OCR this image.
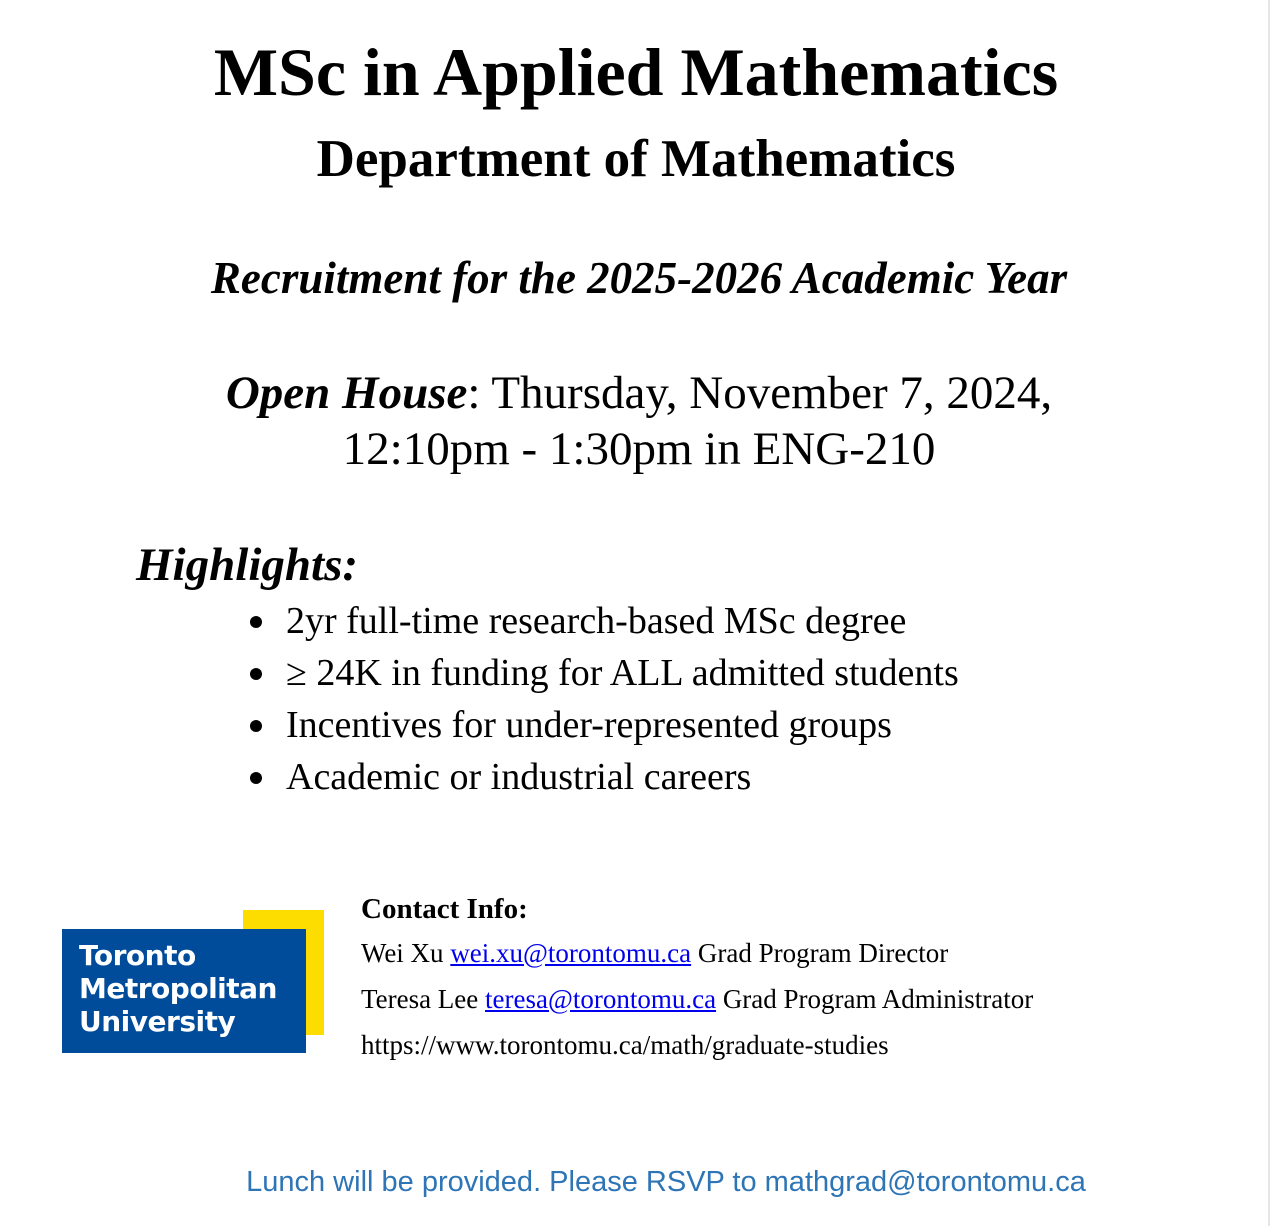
MSc in Applied Mathematics
Department of Mathematics
Recruitment for the 2025-2026 Academic Year
Open House: Thursday, November 7, 2024,
12:10pm - 1:30pm in ENG-210
Highlights:
2yr full-time research-based MSc degree
≥ 24K in funding for ALL admitted students
Incentives for under-represented groups
Academic or industrial careers
Toronto
Metropolitan
University
Contact Info:
Wei Xu wei.xu@torontomu.ca Grad Program Director
Teresa Lee teresa@torontomu.ca Grad Program Administrator
https://www.torontomu.ca/math/graduate-studies
Lunch will be provided. Please RSVP to mathgrad@torontomu.ca
